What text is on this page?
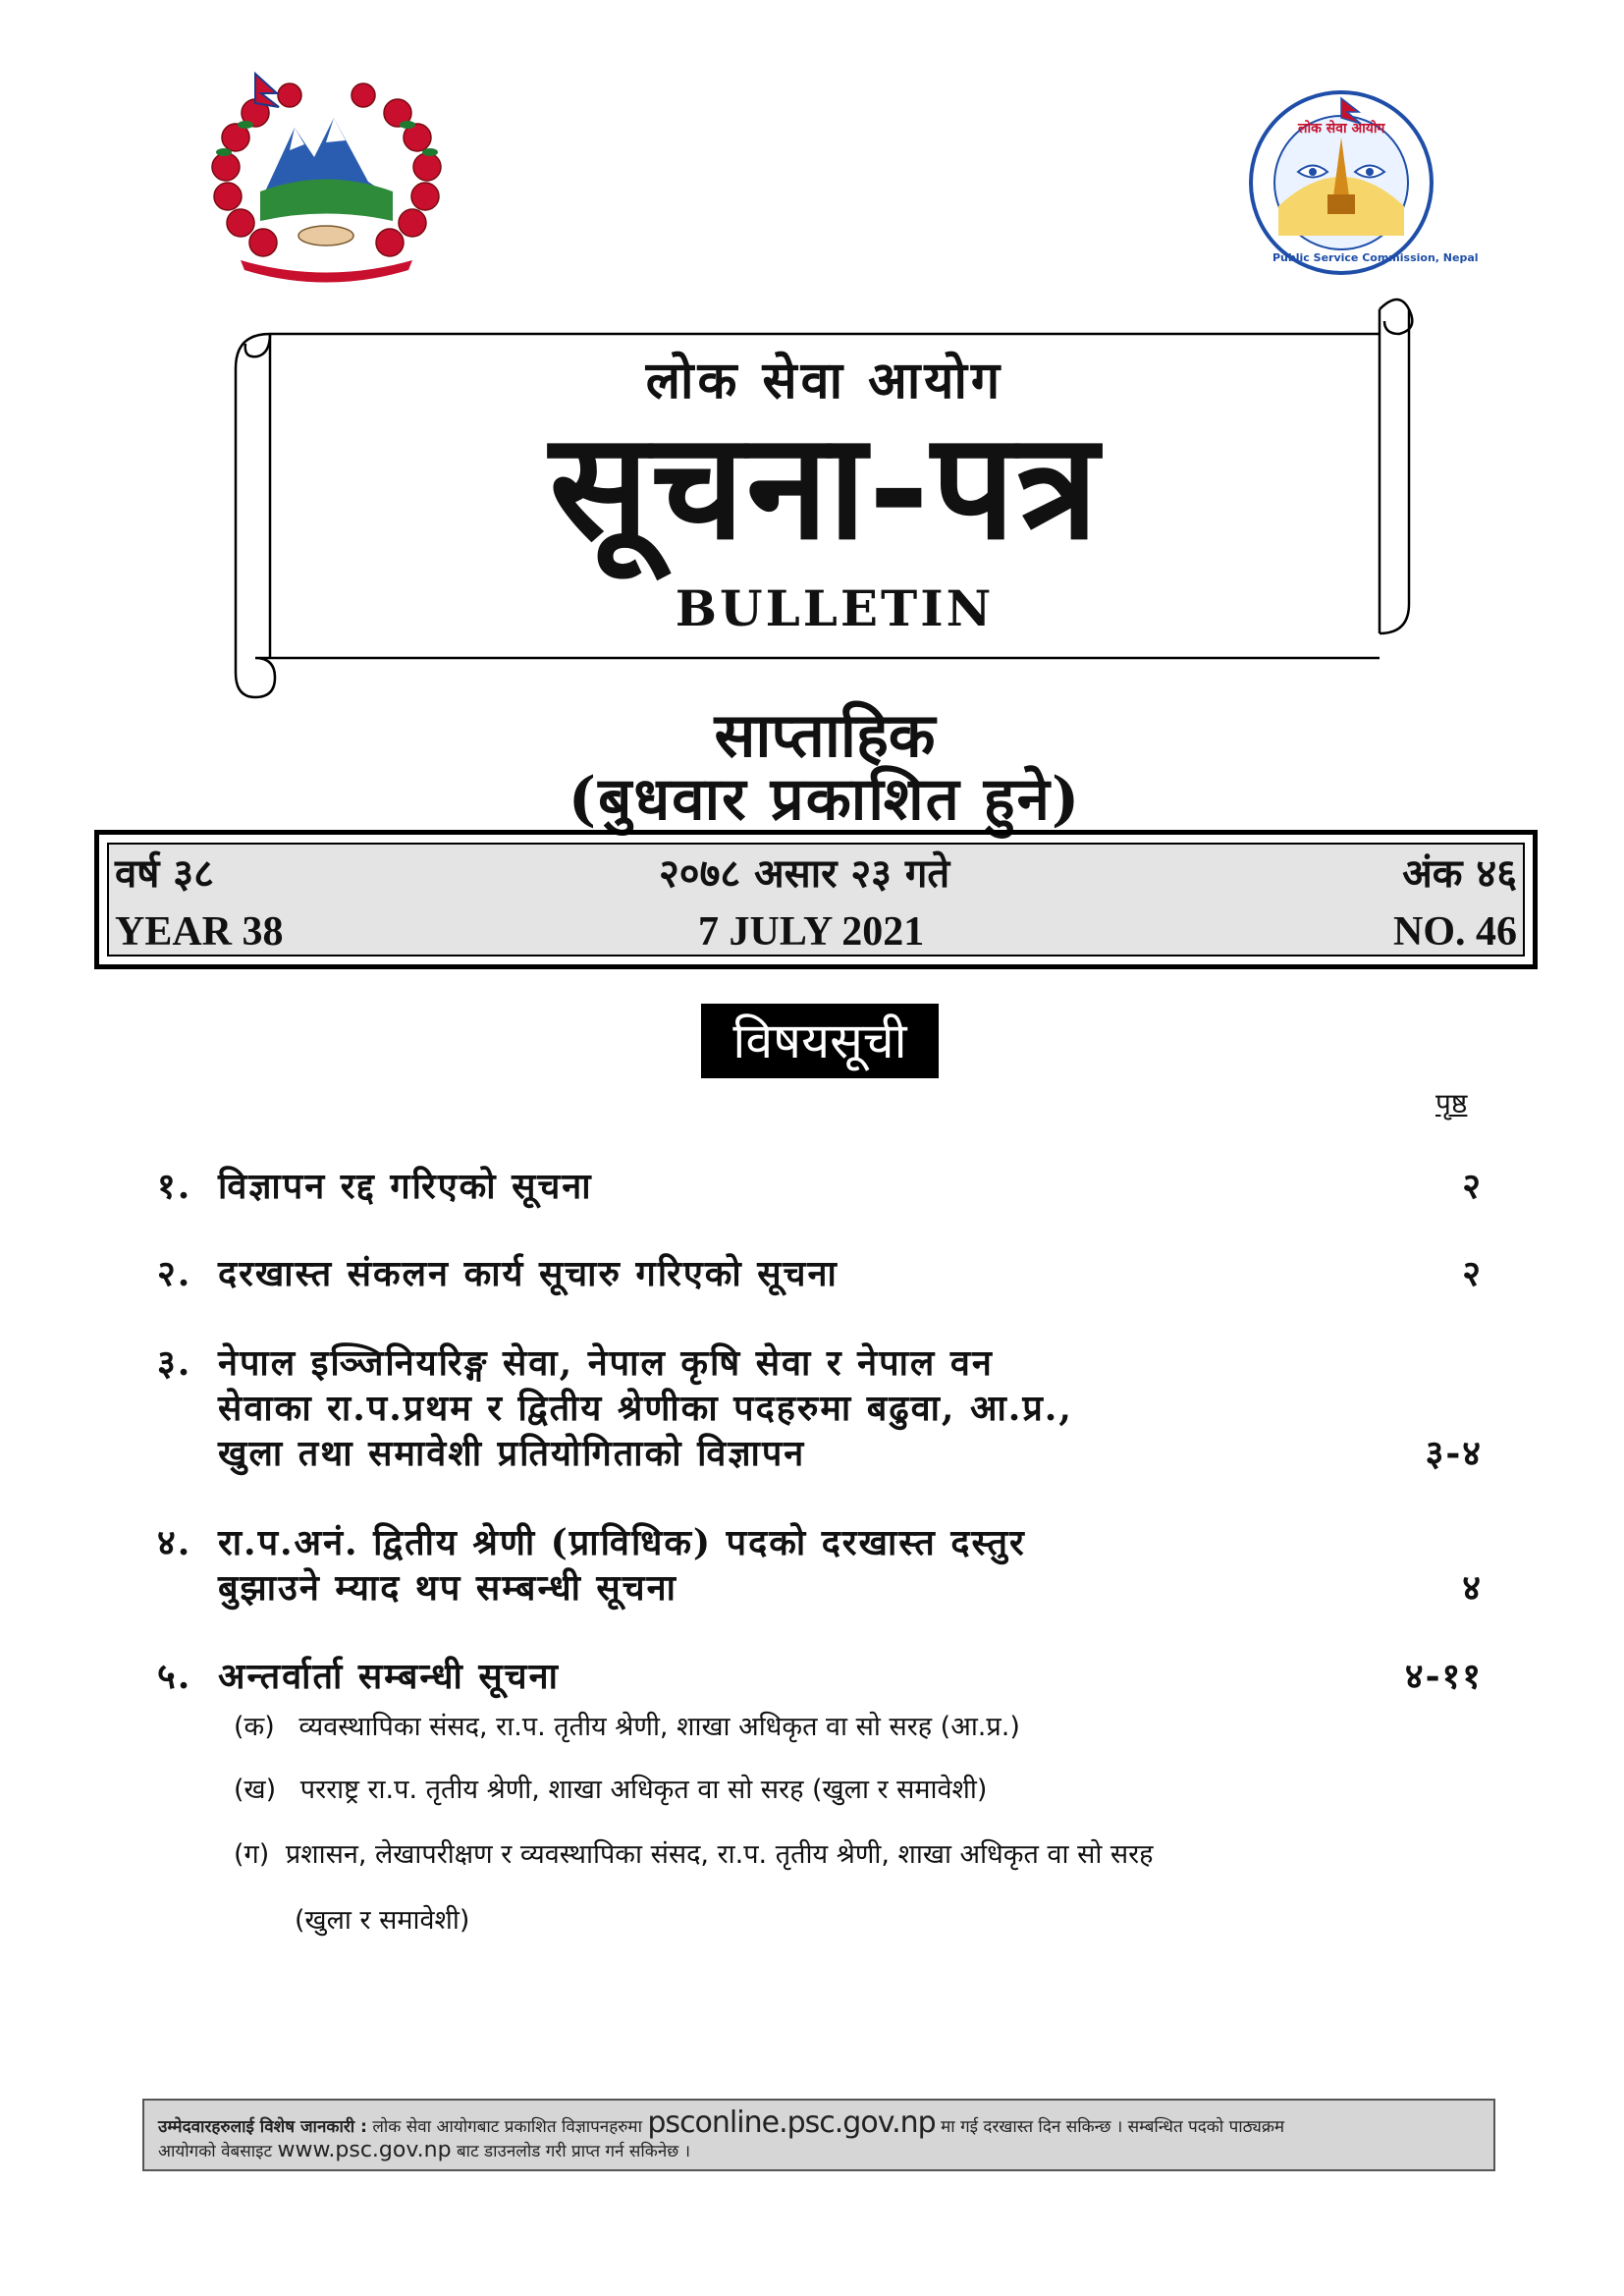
लोक सेवा आयोग
Public Service Commission, Nepal
लोक सेवा आयोग
सूचना-पत्र
BULLETIN
साप्ताहिक
(बुधवार प्रकाशित हुने)
वर्ष ३८	२०७८ असार २३ गते	अंक ४६
YEAR 38	7 JULY 2021	NO. 46
विषयसूची
पृष्ठ
१. विज्ञापन रद्द गरिएको सूचना	२
२. दरखास्त संकलन कार्य सूचारु गरिएको सूचना	२
३. नेपाल इञ्जिनियरिङ्ग सेवा, नेपाल कृषि सेवा र नेपाल वन
सेवाका रा.प.प्रथम र द्वितीय श्रेणीका पदहरुमा बढुवा, आ.प्र.,
खुला तथा समावेशी प्रतियोगिताको विज्ञापन	३-४
४. रा.प.अनं. द्वितीय श्रेणी (प्राविधिक) पदको दरखास्त दस्तुर
बुझाउने म्याद थप सम्बन्धी सूचना	४
५. अन्तर्वार्ता सम्बन्धी सूचना	४-११
(क) व्यवस्थापिका संसद, रा.प. तृतीय श्रेणी, शाखा अधिकृत वा सो सरह (आ.प्र.)
(ख) परराष्ट्र रा.प. तृतीय श्रेणी, शाखा अधिकृत वा सो सरह (खुला र समावेशी)
(ग) प्रशासन, लेखापरीक्षण र व्यवस्थापिका संसद, रा.प. तृतीय श्रेणी, शाखा अधिकृत वा सो सरह
(खुला र समावेशी)
उम्मेदवारहरुलाई विशेष जानकारी : लोक सेवा आयोगबाट प्रकाशित विज्ञापनहरुमा psconline.psc.gov.np मा गई दरखास्त दिन सकिन्छ । सम्बन्धित पदको पाठ्यक्रम
आयोगको वेबसाइट www.psc.gov.np बाट डाउनलोड गरी प्राप्त गर्न सकिनेछ ।
